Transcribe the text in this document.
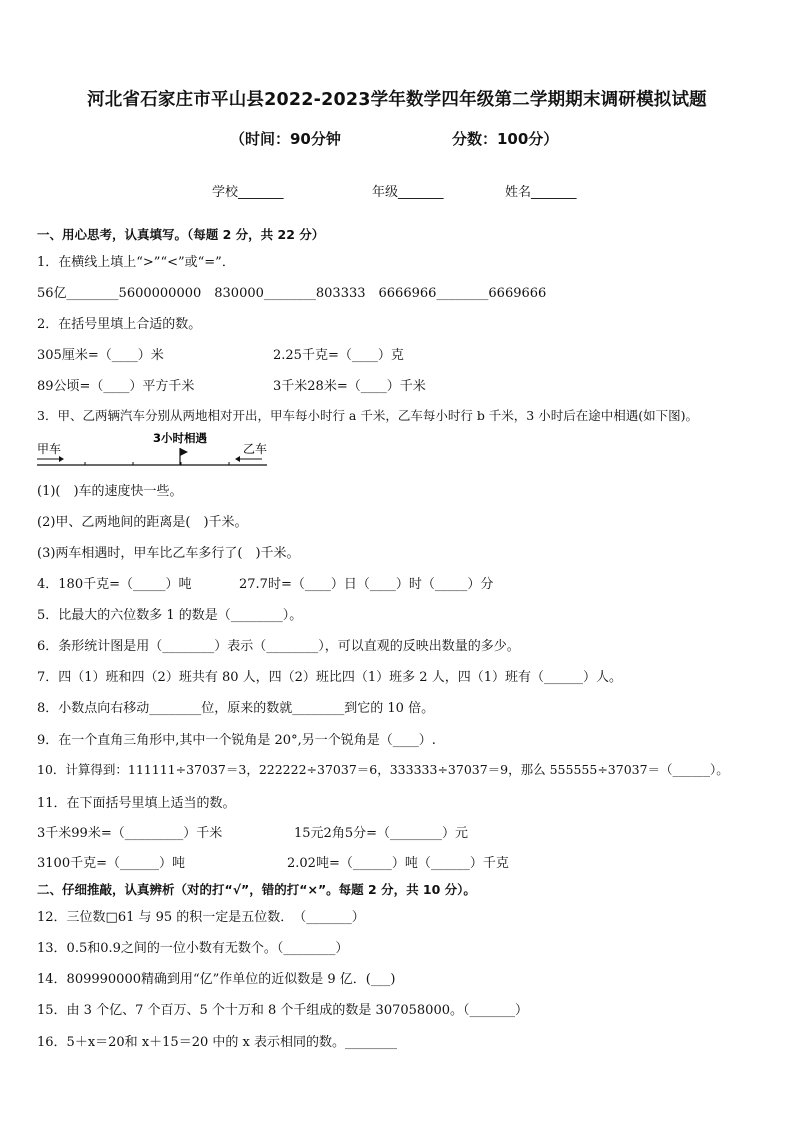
河北省石家庄市平山县2022-2023学年数学四年级第二学期期末调研模拟试题
（时间：90分钟	分数：100分）
学校_______	年级_______	姓名_______
一、用心思考，认真填写。（每题 2 分，共 22 分）
1．在横线上填上“>”“<”或“=”．
56亿________5600000000　830000________803333　6666966________6669666
2．在括号里填上合适的数。
305厘米=（____）米	2.25千克=（____）克
89公顷=（____）平方千米	3千米28米=（____）千米
3．甲、乙两辆汽车分别从两地相对开出，甲车每小时行 a 千米，乙车每小时行 b 千米，3 小时后在途中相遇(如下图)。
甲车	乙车
3小时相遇
(1)(　)车的速度快一些。
(2)甲、乙两地间的距离是(　)千米。
(3)两车相遇时，甲车比乙车多行了(　)千米。
4．180千克=（_____）吨	27.7时=（____）日（____）时（_____）分
5．比最大的六位数多 1 的数是（________）。
6．条形统计图是用（________）表示（________），可以直观的反映出数量的多少。
7．四（1）班和四（2）班共有 80 人，四（2）班比四（1）班多 2 人，四（1）班有（______）人。
8．小数点向右移动________位，原来的数就________到它的 10 倍。
9．在一个直角三角形中,其中一个锐角是 20°,另一个锐角是（____）.
10．计算得到：111111÷37037＝3，222222÷37037＝6，333333÷37037＝9，那么 555555÷37037＝（______）。
11．在下面括号里填上适当的数。
3千米99米=（_________）千米	15元2角5分=（________）元
3100千克=（______）吨	2.02吨=（______）吨（______）千克
二、仔细推敲，认真辨析（对的打“√”，错的打“×”。每题 2 分，共 10 分）。
12．三位数□61 与 95 的积一定是五位数．　（_______）
13．0.5和0.9之间的一位小数有无数个。（________）
14．809990000精确到用“亿”作单位的近似数是 9 亿．(___)
15．由 3 个亿、7 个百万、5 个十万和 8 个千组成的数是 307058000。（_______）
16．5＋x＝20和 x＋15＝20 中的 x 表示相同的数。________
